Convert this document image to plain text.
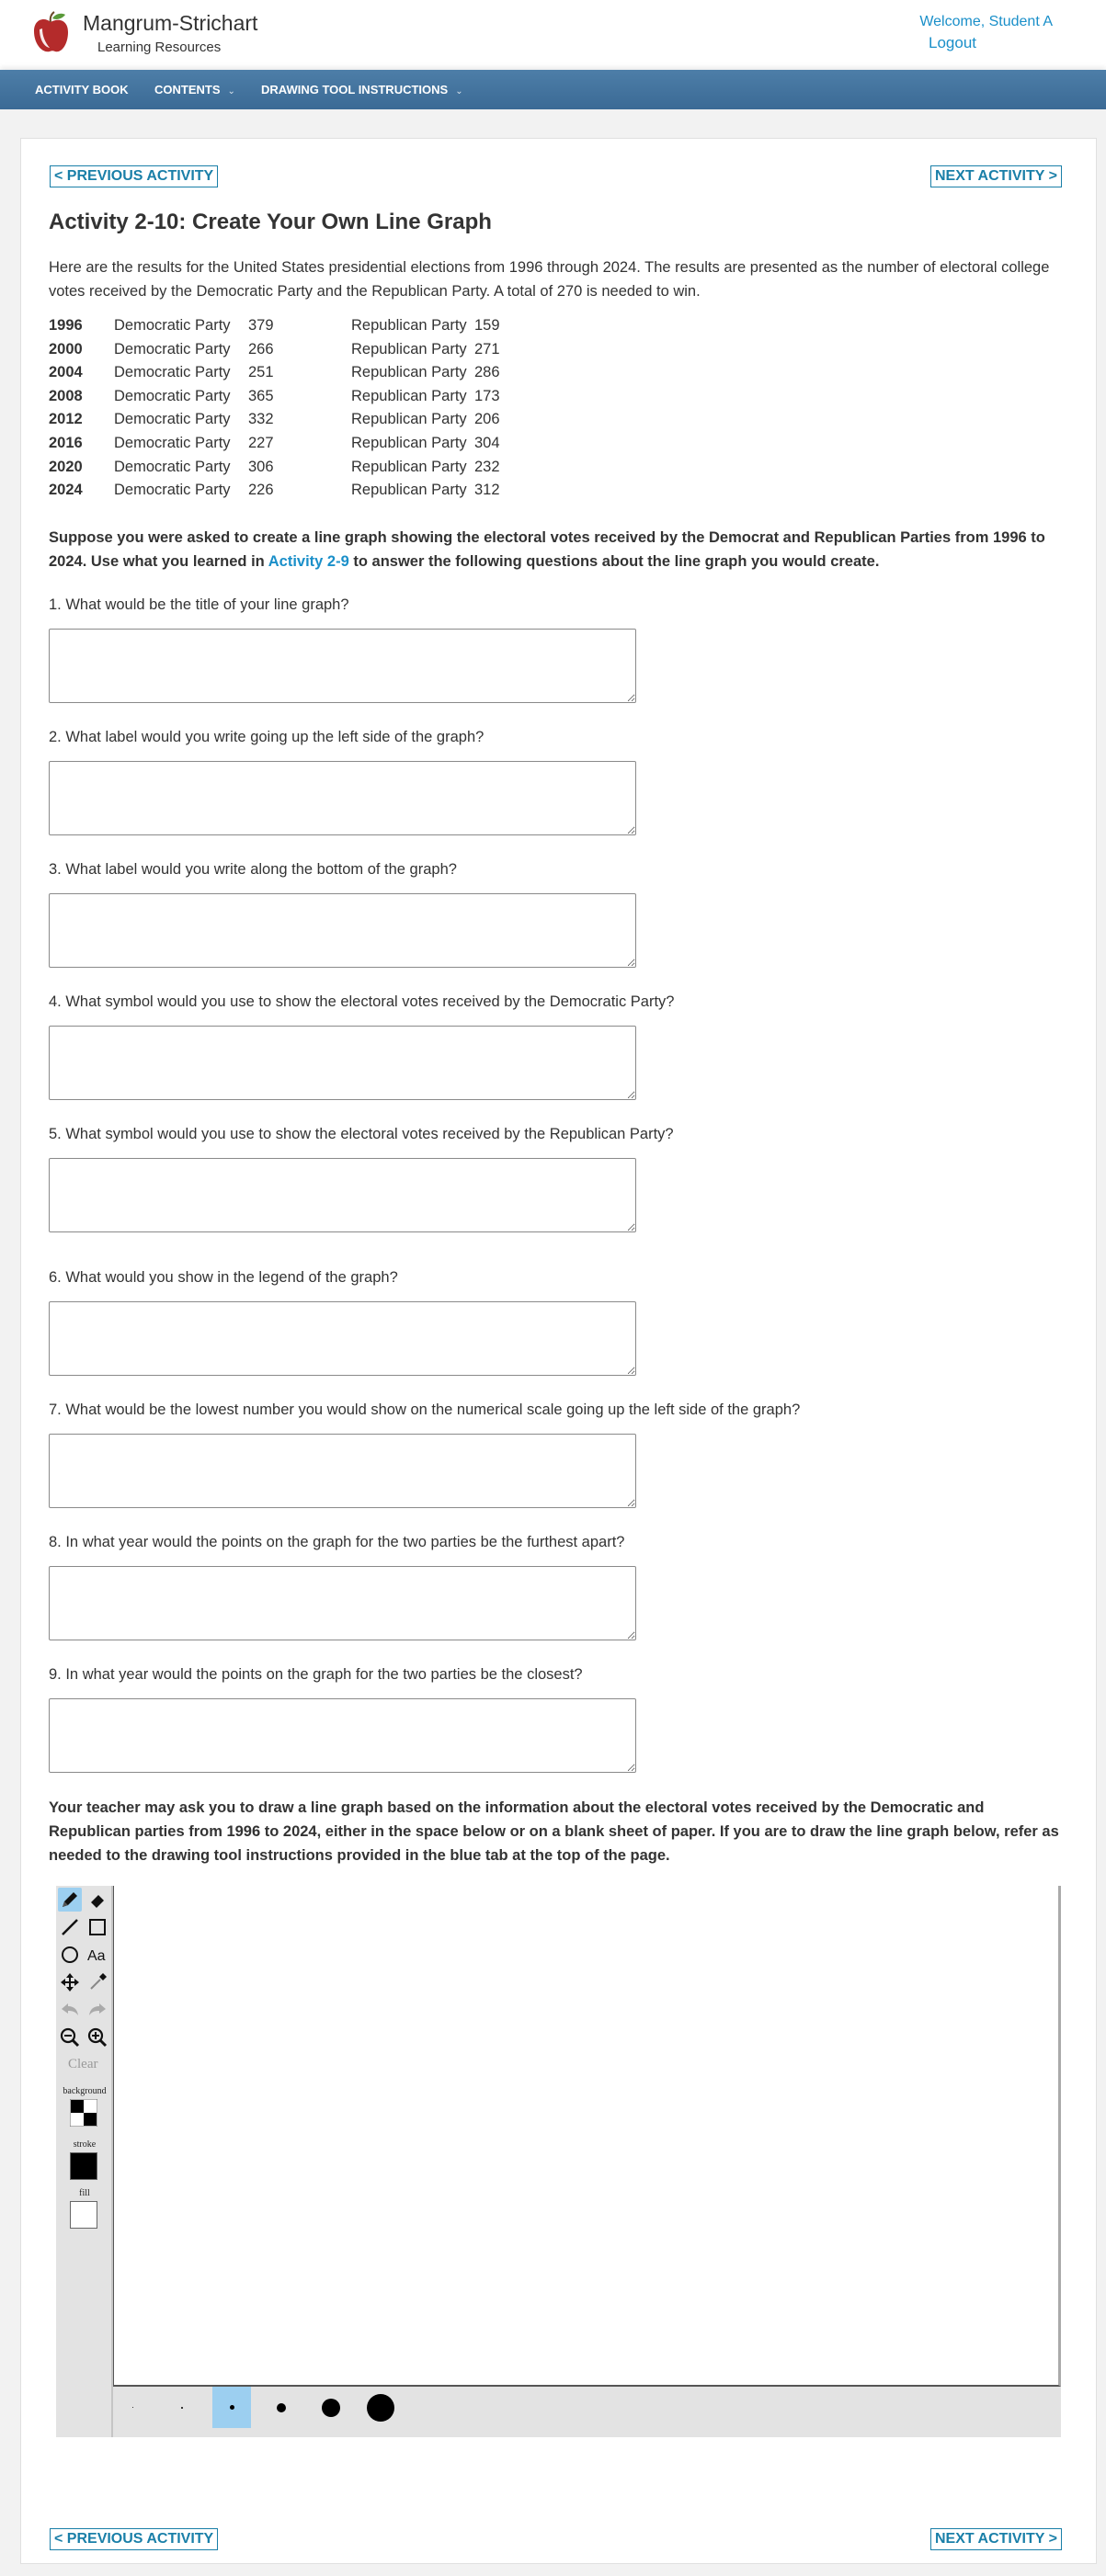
Mangrum-Strichart
Learning Resources
Welcome, Student A
Logout
ACTIVITY BOOK CONTENTS ⌄ DRAWING TOOL INSTRUCTIONS ⌄
< PREVIOUS ACTIVITY	NEXT ACTIVITY >
Activity 2-10: Create Your Own Line Graph
Here are the results for the United States presidential elections from 1996 through 2024. The results are presented as the number of electoral college votes received by the Democratic Party and the Republican Party. A total of 270 is needed to win.
1996 Democratic Party 379	Republican Party 159
2000 Democratic Party 266	Republican Party 271
2004 Democratic Party 251	Republican Party 286
2008 Democratic Party 365	Republican Party 173
2012 Democratic Party 332	Republican Party 206
2016 Democratic Party 227	Republican Party 304
2020 Democratic Party 306	Republican Party 232
2024 Democratic Party 226	Republican Party 312
Suppose you were asked to create a line graph showing the electoral votes received by the Democrat and Republican Parties from 1996 to 2024. Use what you learned in Activity 2-9 to answer the following questions about the line graph you would create.
1. What would be the title of your line graph?
2. What label would you write going up the left side of the graph?
3. What label would you write along the bottom of the graph?
4. What symbol would you use to show the electoral votes received by the Democratic Party?
5. What symbol would you use to show the electoral votes received by the Republican Party?
6. What would you show in the legend of the graph?
7. What would be the lowest number you would show on the numerical scale going up the left side of the graph?
8. In what year would the points on the graph for the two parties be the furthest apart?
9. In what year would the points on the graph for the two parties be the closest?
Your teacher may ask you to draw a line graph based on the information about the electoral votes received by the Democratic and Republican parties from 1996 to 2024, either in the space below or on a blank sheet of paper. If you are to draw the line graph below, refer as needed to the drawing tool instructions provided in the blue tab at the top of the page.
Aa
Clear
background
stroke
fill
< PREVIOUS ACTIVITY	NEXT ACTIVITY >
